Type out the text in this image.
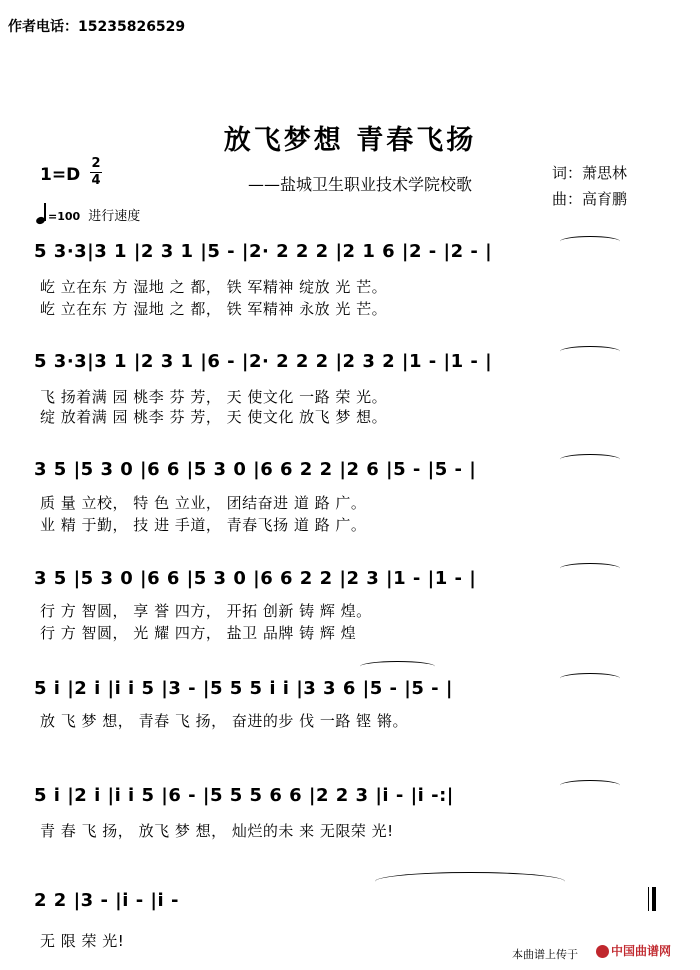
作者电话：15235826529
放飞梦想 青春飞扬
1=D
2
4	——盐城卫生职业技术学院校歌
词：萧思林
曲：高育鹏
=100 进行速度
5 3·3|3 1 |2 3 1 |5 - |2· 2 2 2 |2 1 6 |2 - |2 - |
屹 立在东 方 湿地 之 都， 铁 军精神 绽放 光 芒。
屹 立在东 方 湿地 之 都， 铁 军精神 永放 光 芒。
5 3·3|3 1 |2 3 1 |6 - |2· 2 2 2 |2 3 2 |1 - |1 - |
飞 扬着满 园 桃李 芬 芳， 天 使文化 一路 荣 光。
绽 放着满 园 桃李 芬 芳， 天 使文化 放飞 梦 想。
3 5 |5 3 0 |6 6 |5 3 0 |6 6 2 2 |2 6 |5 - |5 - |
质 量 立校， 特 色 立业， 团结奋进 道 路 广。
业 精 于勤， 技 进 手道， 青春飞扬 道 路 广。
3 5 |5 3 0 |6 6 |5 3 0 |6 6 2 2 |2 3 |1 - |1 - |
行 方 智圆， 享 誉 四方， 开拓 创新 铸 辉 煌。
行 方 智圆， 光 耀 四方， 盐卫 品牌 铸 辉 煌
5 i |2 i |i i 5 |3 - |5 5 5 i i |3 3 6 |5 - |5 - |
放 飞 梦 想， 青春 飞 扬， 奋进的步 伐 一路 铿 锵。
5 i |2 i |i i 5 |6 - |5 5 5 6 6 |2 2 3 |i - |i -:|
青 春 飞 扬， 放飞 梦 想， 灿烂的未 来 无限荣 光!
2 2 |3 - |i - |i -
无 限 荣 光!
本曲谱上传于	中国曲谱网
